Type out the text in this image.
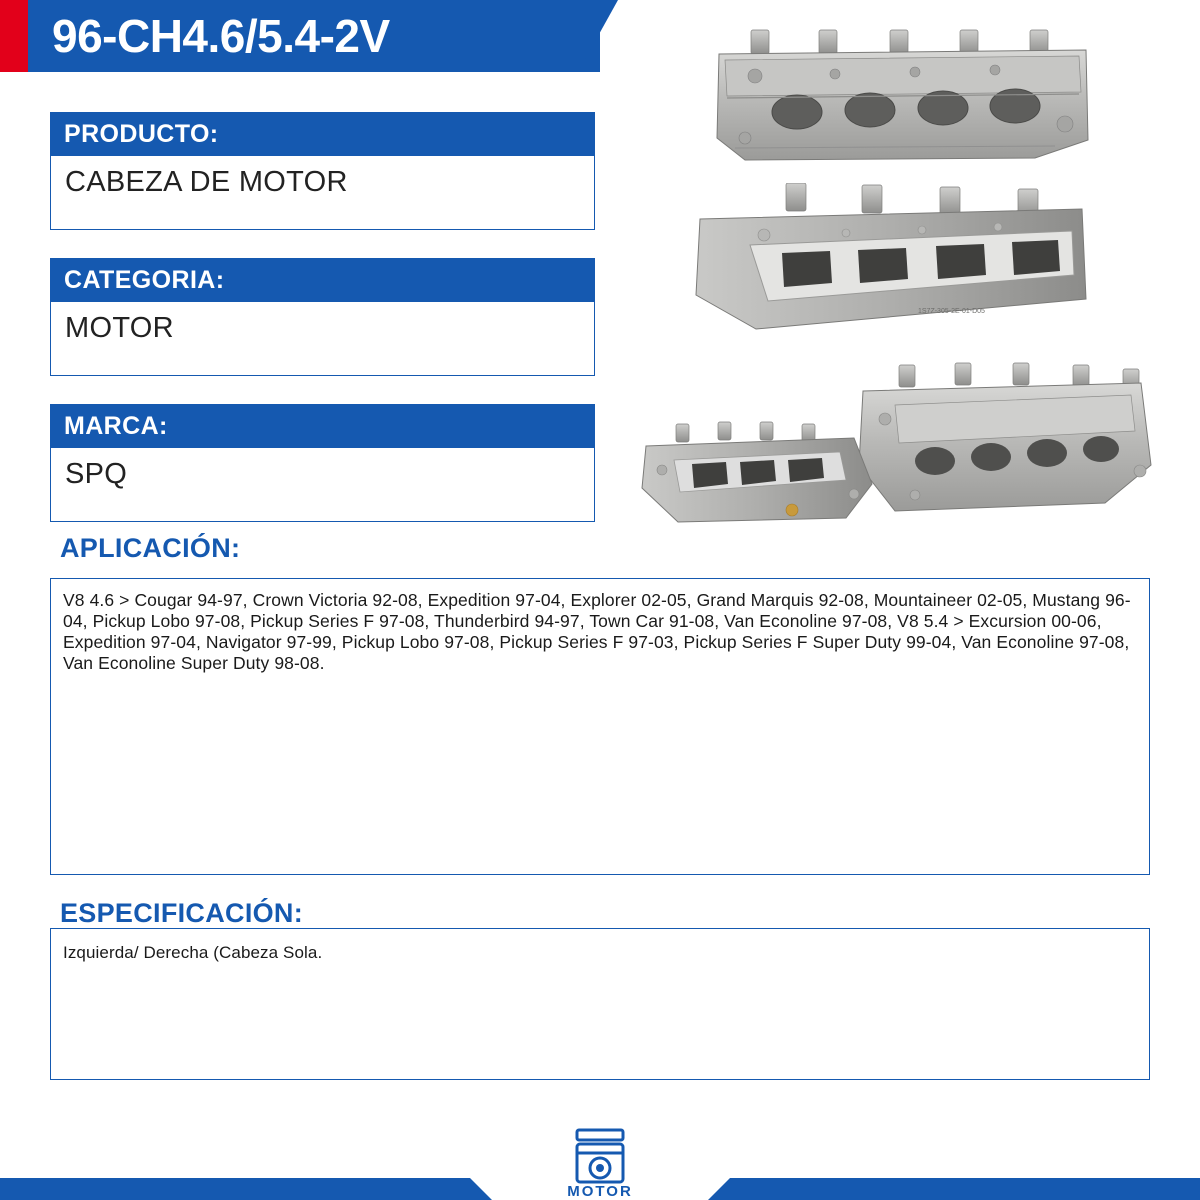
96-CH4.6/5.4-2V
PRODUCTO:
CABEZA DE MOTOR
CATEGORIA:
MOTOR
MARCA:
SPQ
1S7Z-305-2E-01-D05
APLICACIÓN:
V8 4.6 > Cougar 94-97, Crown Victoria 92-08, Expedition 97-04, Explorer 02-05, Grand Marquis 92-08, Mountaineer 02-05, Mustang 96-04, Pickup Lobo 97-08, Pickup Series F 97-08, Thunderbird 94-97, Town Car 91-08, Van Econoline 97-08, V8 5.4 > Excursion 00-06, Expedition 97-04, Navigator 97-99, Pickup Lobo 97-08, Pickup Series F 97-03, Pickup Series F Super Duty 99-04, Van Econoline 97-08, Van Econoline Super Duty 98-08.
ESPECIFICACIÓN:
Izquierda/ Derecha (Cabeza Sola.
MOTOR
